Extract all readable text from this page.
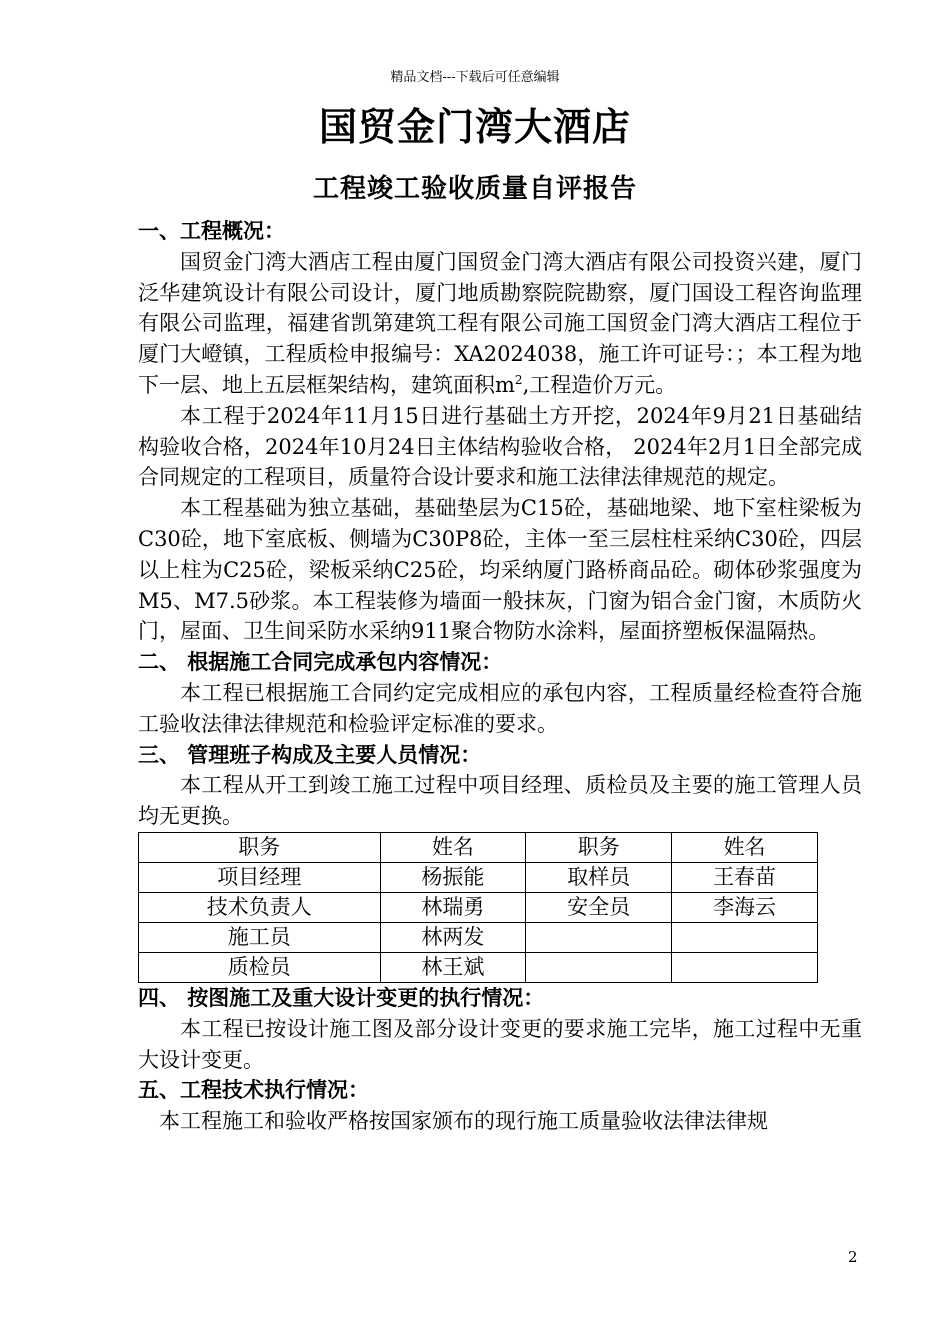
精品文档---下载后可任意编辑
国贸金门湾大酒店
工程竣工验收质量自评报告
一、工程概况：
国贸金门湾大酒店工程由厦门国贸金门湾大酒店有限公司投资兴建，厦门泛华建筑设计有限公司设计，厦门地质勘察院院勘察，厦门国设工程咨询监理有限公司监理，福建省凯第建筑工程有限公司施工国贸金门湾大酒店工程位于厦门大嶝镇，工程质检申报编号：XA2024038，施工许可证号：；本工程为地下一层、地上五层框架结构，建筑面积$m^2$,工程造价万元。
本工程于2024年11月15日进行基础土方开挖，2024年9月21日基础结构验收合格，2024年10月24日主体结构验收合格， 2024年2月1日全部完成合同规定的工程项目，质量符合设计要求和施工法律法律规范的规定。
本工程基础为独立基础，基础垫层为C15砼，基础地梁、地下室柱梁板为C30砼，地下室底板、侧墙为C30P8砼，主体一至三层柱柱采纳C30砼，四层以上柱为C25砼，梁板采纳C25砼，均采纳厦门路桥商品砼。砌体砂浆强度为M5、M7.5砂浆。本工程装修为墙面一般抹灰，门窗为铝合金门窗，木质防火门，屋面、卫生间采防水采纳911聚合物防水涂料，屋面挤塑板保温隔热。
二、 根据施工合同完成承包内容情况：
本工程已根据施工合同约定完成相应的承包内容，工程质量经检查符合施工验收法律法律规范和检验评定标准的要求。
三、 管理班子构成及主要人员情况：
本工程从开工到竣工施工过程中项目经理、质检员及主要的施工管理人员均无更换。
职务	姓名	职务	姓名
项目经理	杨振能	取样员	王春苗
技术负责人	林瑞勇	安全员	李海云
施工员	林两发		
质检员	林王斌		
四、 按图施工及重大设计变更的执行情况：
本工程已按设计施工图及部分设计变更的要求施工完毕，施工过程中无重大设计变更。
五、工程技术执行情况：
本工程施工和验收严格按国家颁布的现行施工质量验收法律法律规
2
